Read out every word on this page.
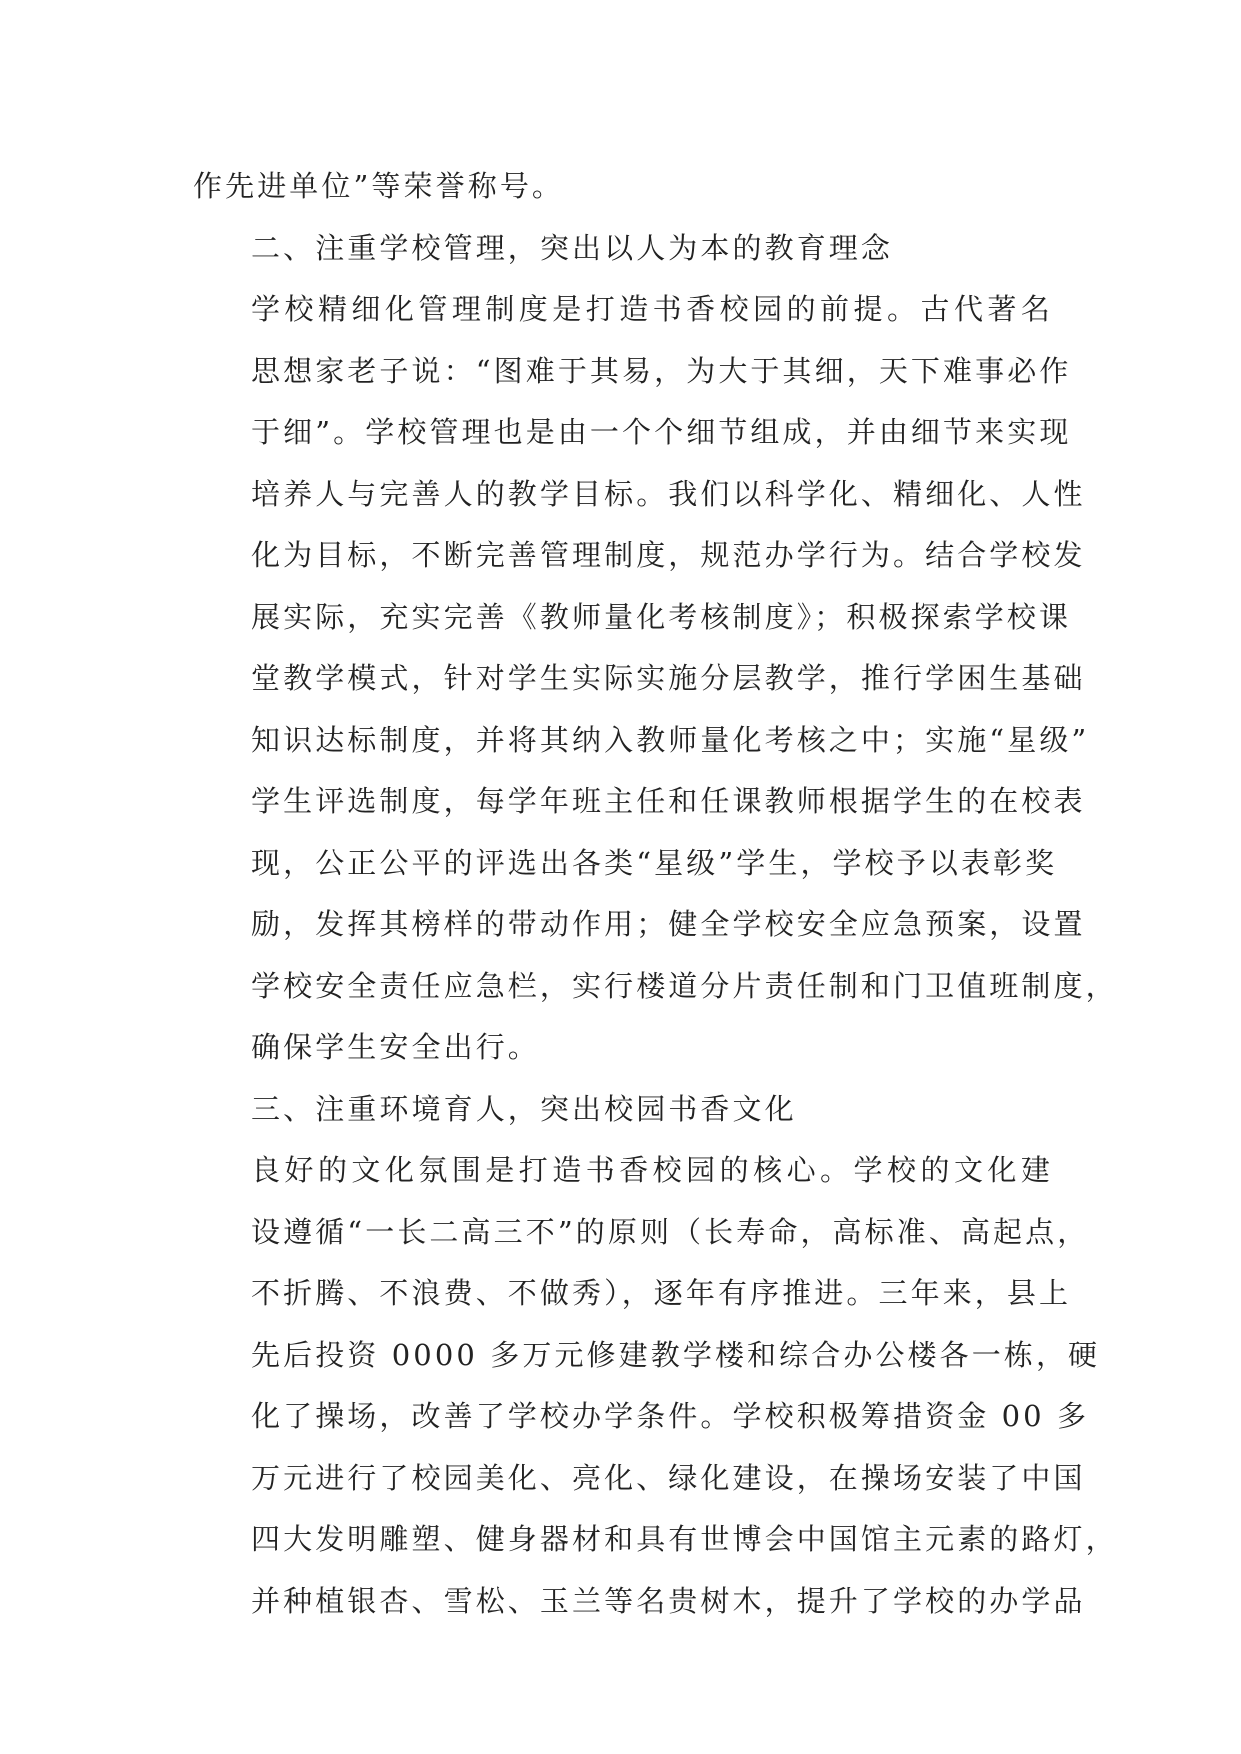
作先进单位”等荣誉称号。

二、注重学校管理，突出以人为本的教育理念

学校精细化管理制度是打造书香校园的前提。古代著名
思想家老子说：“图难于其易，为大于其细，天下难事必作
于细”。学校管理也是由一个个细节组成，并由细节来实现
培养人与完善人的教学目标。我们以科学化、精细化、人性
化为目标，不断完善管理制度，规范办学行为。结合学校发
展实际，充实完善《教师量化考核制度》；积极探索学校课
堂教学模式，针对学生实际实施分层教学，推行学困生基础
知识达标制度，并将其纳入教师量化考核之中；实施“星级”
学生评选制度，每学年班主任和任课教师根据学生的在校表
现，公正公平的评选出各类“星级”学生，学校予以表彰奖
励，发挥其榜样的带动作用；健全学校安全应急预案，设置
学校安全责任应急栏，实行楼道分片责任制和门卫值班制度，
确保学生安全出行。

三、注重环境育人，突出校园书香文化

良好的文化氛围是打造书香校园的核心。学校的文化建
设遵循“一长二高三不”的原则（长寿命，高标准、高起点，
不折腾、不浪费、不做秀），逐年有序推进。三年来，县上
先后投资 0000 多万元修建教学楼和综合办公楼各一栋，硬
化了操场，改善了学校办学条件。学校积极筹措资金 00 多
万元进行了校园美化、亮化、绿化建设，在操场安装了中国
四大发明雕塑、健身器材和具有世博会中国馆主元素的路灯，
并种植银杏、雪松、玉兰等名贵树木，提升了学校的办学品
